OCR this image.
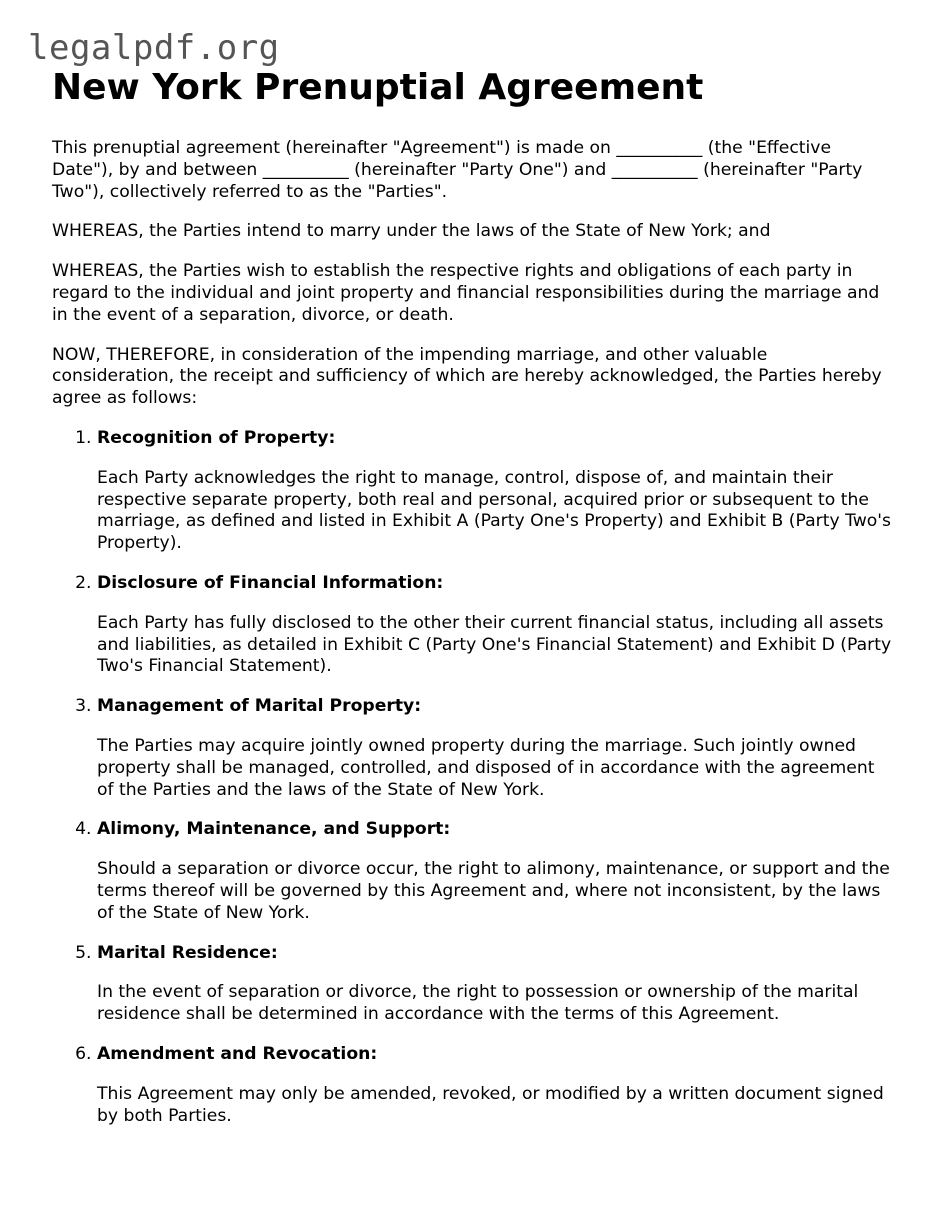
legalpdf.org
New York Prenuptial Agreement

This prenuptial agreement (hereinafter "Agreement") is made on __________ (the "Effective Date"), by and between __________ (hereinafter "Party One") and __________ (hereinafter "Party Two"), collectively referred to as the "Parties".

WHEREAS, the Parties intend to marry under the laws of the State of New York; and

WHEREAS, the Parties wish to establish the respective rights and obligations of each party in regard to the individual and joint property and financial responsibilities during the marriage and in the event of a separation, divorce, or death.

NOW, THEREFORE, in consideration of the impending marriage, and other valuable consideration, the receipt and sufficiency of which are hereby acknowledged, the Parties hereby agree as follows:

1. Recognition of Property:
Each Party acknowledges the right to manage, control, dispose of, and maintain their respective separate property, both real and personal, acquired prior or subsequent to the marriage, as defined and listed in Exhibit A (Party One's Property) and Exhibit B (Party Two's Property).
2. Disclosure of Financial Information:
Each Party has fully disclosed to the other their current financial status, including all assets and liabilities, as detailed in Exhibit C (Party One's Financial Statement) and Exhibit D (Party Two's Financial Statement).
3. Management of Marital Property:
The Parties may acquire jointly owned property during the marriage. Such jointly owned property shall be managed, controlled, and disposed of in accordance with the agreement of the Parties and the laws of the State of New York.
4. Alimony, Maintenance, and Support:
Should a separation or divorce occur, the right to alimony, maintenance, or support and the terms thereof will be governed by this Agreement and, where not inconsistent, by the laws of the State of New York.
5. Marital Residence:
In the event of separation or divorce, the right to possession or ownership of the marital residence shall be determined in accordance with the terms of this Agreement.
6. Amendment and Revocation:
This Agreement may only be amended, revoked, or modified by a written document signed by both Parties.
